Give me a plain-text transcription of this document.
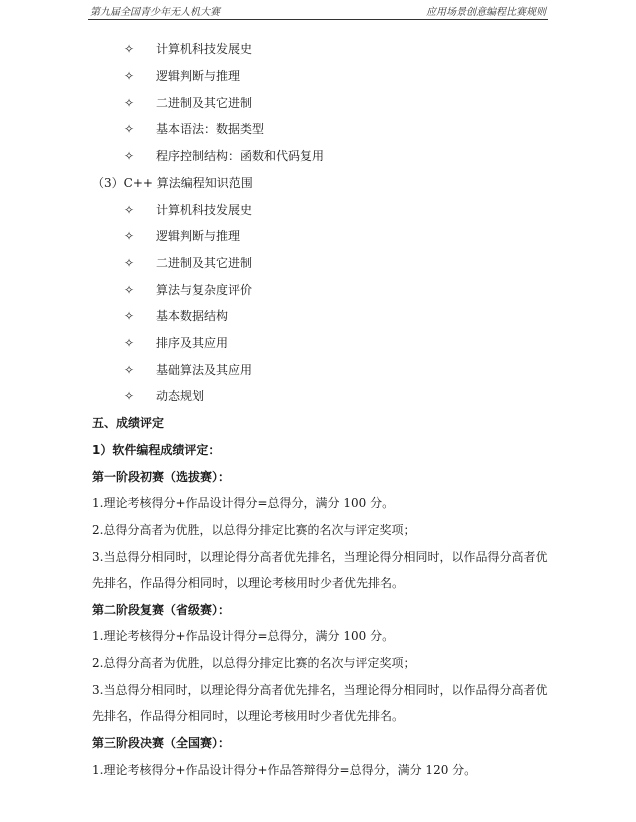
第九届全国青少年无人机大赛	应用场景创意编程比赛规则
✧ 计算机科技发展史
✧ 逻辑判断与推理
✧ 二进制及其它进制
✧ 基本语法：数据类型
✧ 程序控制结构：函数和代码复用
（3）C++ 算法编程知识范围
✧ 计算机科技发展史
✧ 逻辑判断与推理
✧ 二进制及其它进制
✧ 算法与复杂度评价
✧ 基本数据结构
✧ 排序及其应用
✧ 基础算法及其应用
✧ 动态规划
五、成绩评定
1）软件编程成绩评定：
第一阶段初赛（选拔赛）：
1.理论考核得分+作品设计得分=总得分，满分 100 分。
2.总得分高者为优胜，以总得分排定比赛的名次与评定奖项；
3.当总得分相同时，以理论得分高者优先排名，当理论得分相同时，以作品得分高者优
先排名，作品得分相同时，以理论考核用时少者优先排名。
第二阶段复赛（省级赛）：
1.理论考核得分+作品设计得分=总得分，满分 100 分。
2.总得分高者为优胜，以总得分排定比赛的名次与评定奖项；
3.当总得分相同时，以理论得分高者优先排名，当理论得分相同时，以作品得分高者优
先排名，作品得分相同时，以理论考核用时少者优先排名。
第三阶段决赛（全国赛）：
1.理论考核得分+作品设计得分+作品答辩得分=总得分，满分 120 分。
